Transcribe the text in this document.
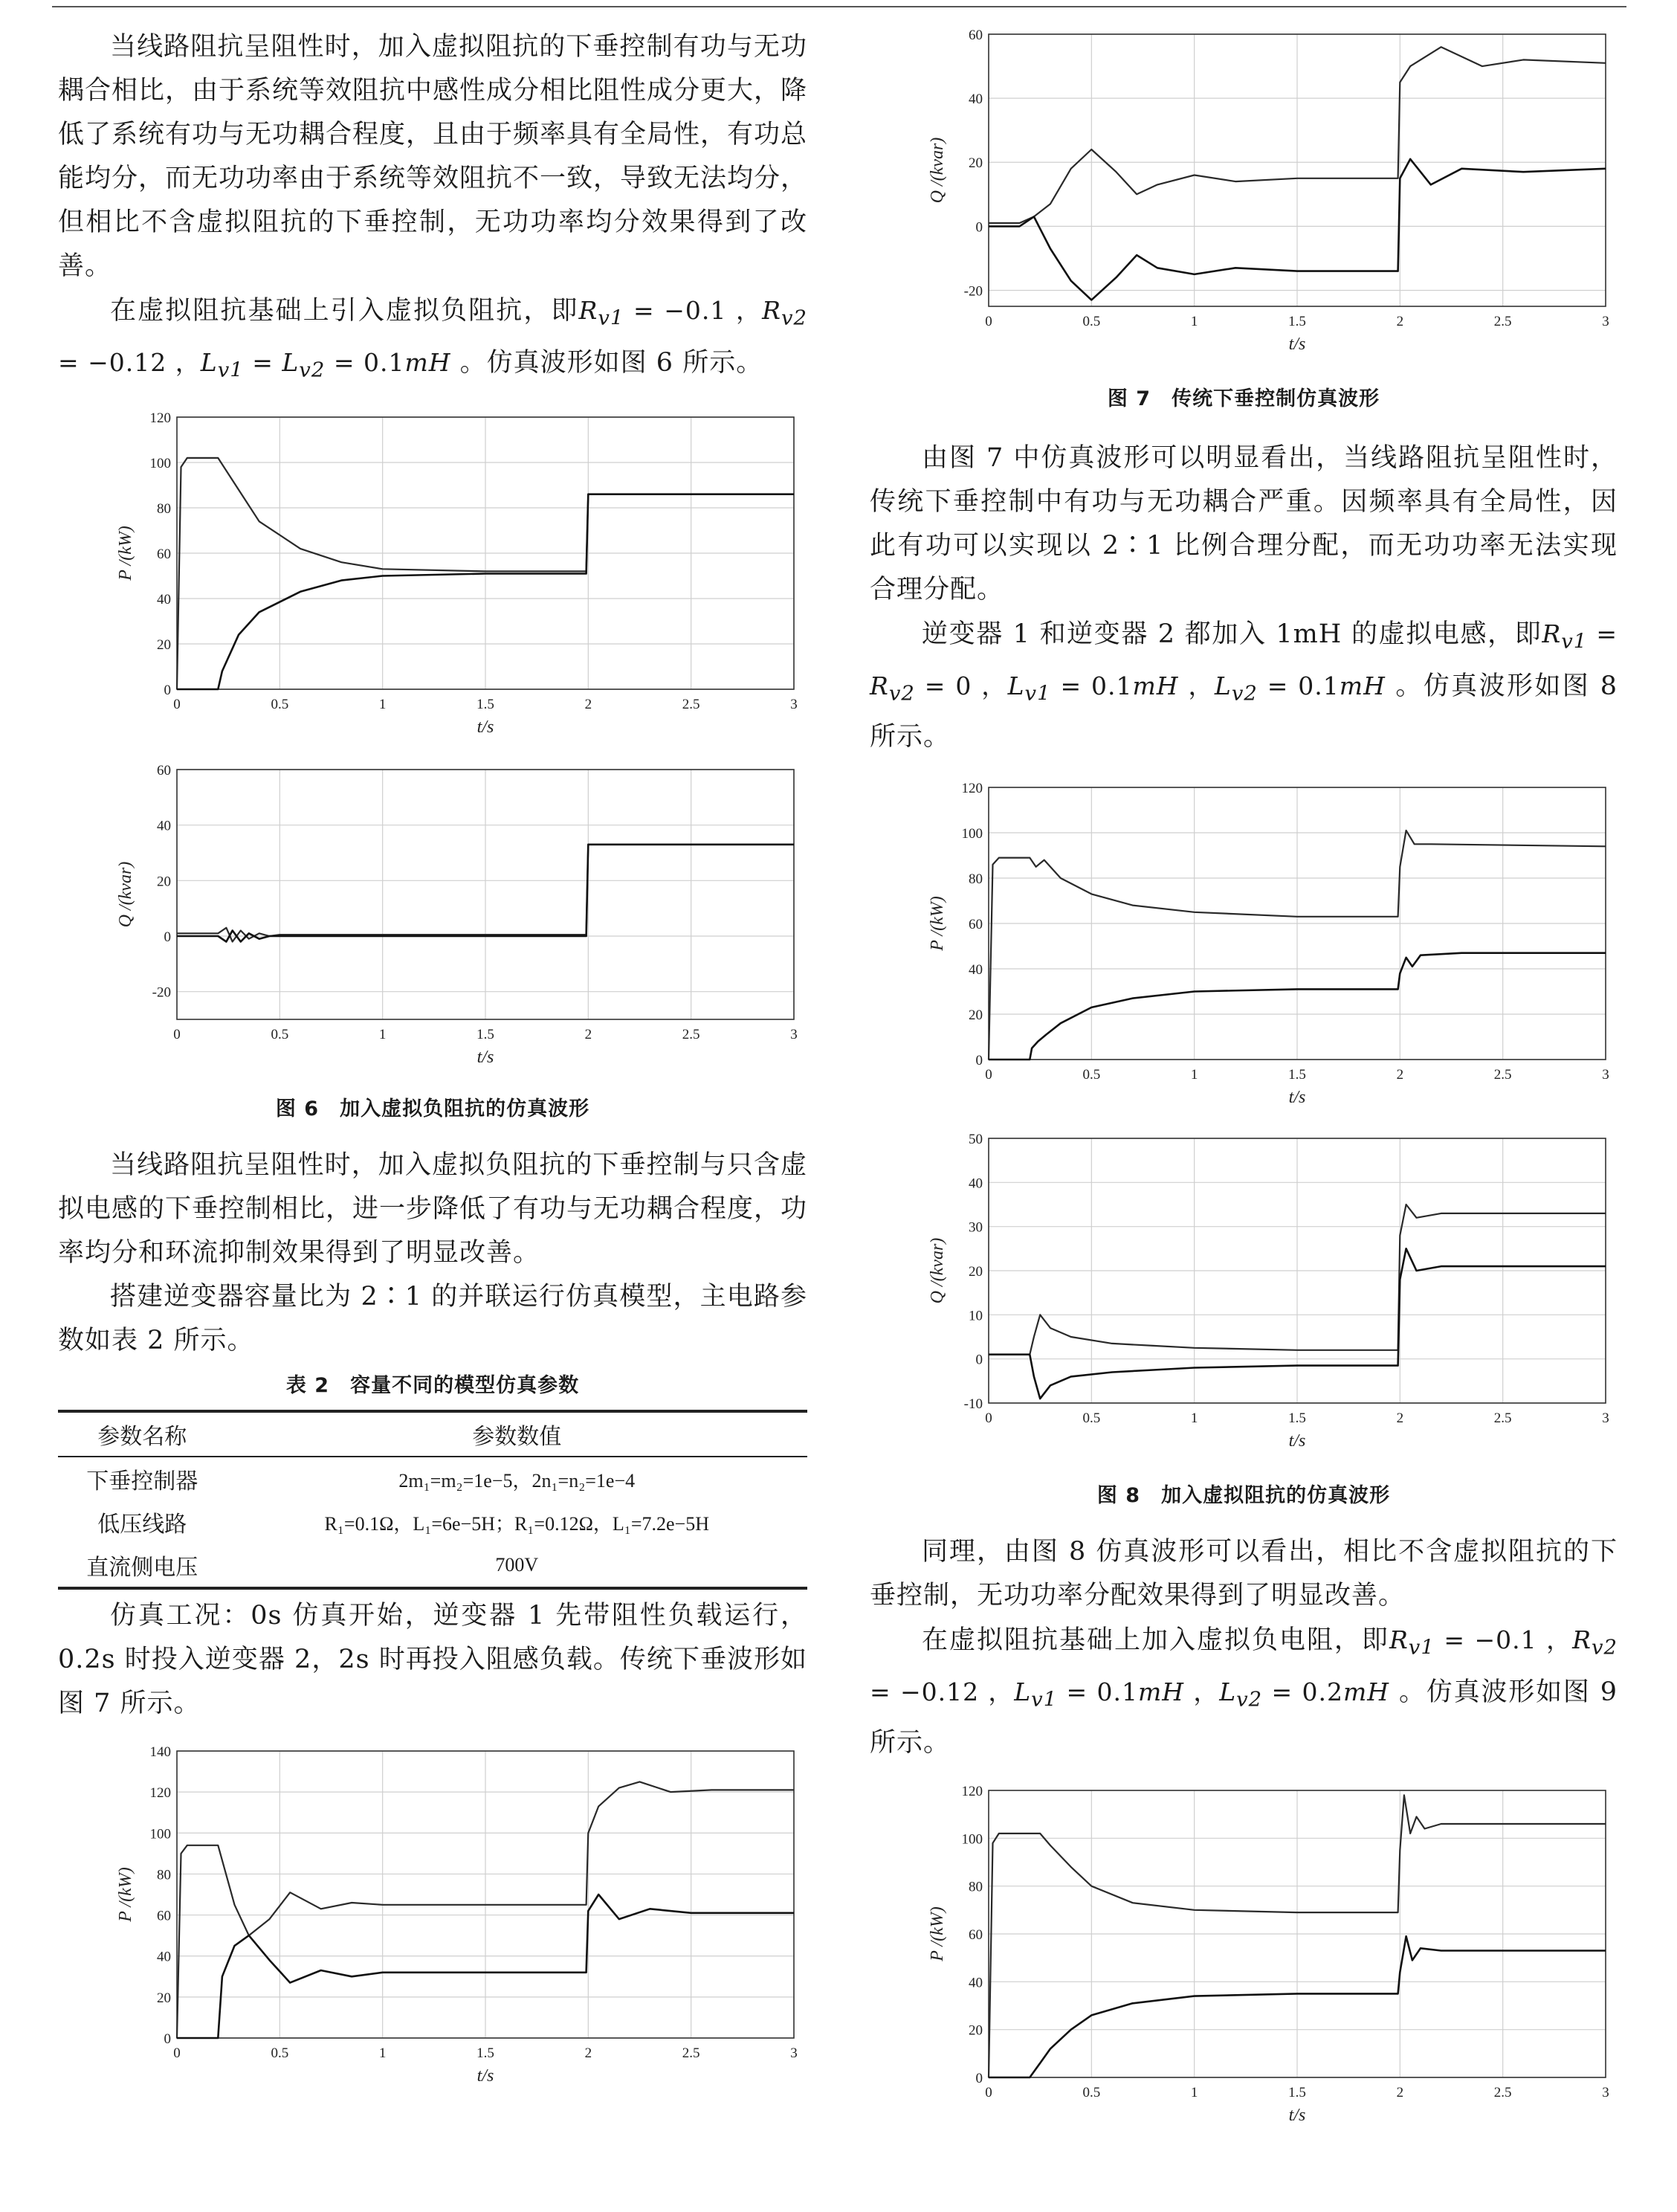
当线路阻抗呈阻性时，加入虚拟阻抗的下垂控制有功与无功耦合相比，由于系统等效阻抗中感性成分相比阻性成分更大，降低了系统有功与无功耦合程度，且由于频率具有全局性，有功总能均分，而无功功率由于系统等效阻抗不一致，导致无法均分，但相比不含虚拟阻抗的下垂控制，无功功率均分效果得到了改善。

在虚拟阻抗基础上引入虚拟负阻抗，即$R_{v1} = -0.1$ ，$R_{v2} = -0.12$ ，$L_{v1} = L_{v2} = 0.1mH$ 。仿真波形如图 6 所示。

0	0.5	1	1.5	2	2.5	3
0
20
40
60
80
100
120
t/s
P /(kW)
0	0.5	1	1.5	2	2.5	3
-20
0
20
40
60
t/s
Q /(kvar)

图 6　加入虚拟负阻抗的仿真波形

当线路阻抗呈阻性时，加入虚拟负阻抗的下垂控制与只含虚拟电感的下垂控制相比，进一步降低了有功与无功耦合程度，功率均分和环流抑制效果得到了明显改善。

搭建逆变器容量比为 2∶1 的并联运行仿真模型，主电路参数如表 2 所示。

表 2　容量不同的模型仿真参数

参数名称	参数数值
下垂控制器	2m₁=m₂=1e−5，2n₁=n₂=1e−4
低压线路	R₁=0.1Ω，L₁=6e−5H；R₁=0.12Ω，L₁=7.2e−5H
直流侧电压	700V

仿真工况：0s 仿真开始，逆变器 1 先带阻性负载运行，0.2s 时投入逆变器 2，2s 时再投入阻感负载。传统下垂波形如图 7 所示。

0	0.5	1	1.5	2	2.5	3
0
20
40
60
80
100
120
140
t/s
P /(kW)
0	0.5	1	1.5	2	2.5	3
-20
0
20
40
60
t/s
Q /(kvar)

图 7　传统下垂控制仿真波形

由图 7 中仿真波形可以明显看出，当线路阻抗呈阻性时，传统下垂控制中有功与无功耦合严重。因频率具有全局性，因此有功可以实现以 2∶1 比例合理分配，而无功功率无法实现合理分配。

逆变器 1 和逆变器 2 都加入 1mH 的虚拟电感，即$R_{v1} = R_{v2} = 0$ ，$L_{v1} = 0.1mH$ ，$L_{v2} = 0.1mH$ 。仿真波形如图 8 所示。

0	0.5	1	1.5	2	2.5	3
0
20
40
60
80
100
120
t/s
P /(kW)
0	0.5	1	1.5	2	2.5	3
-10
0
10
20
30
40
50
t/s
Q /(kvar)

图 8　加入虚拟阻抗的仿真波形

同理，由图 8 仿真波形可以看出，相比不含虚拟阻抗的下垂控制，无功功率分配效果得到了明显改善。

在虚拟阻抗基础上加入虚拟负电阻，即$R_{v1} = -0.1$ ，$R_{v2} = -0.12$ ，$L_{v1} = 0.1mH$ ，$L_{v2} = 0.2mH$ 。仿真波形如图 9 所示。

0	0.5	1	1.5	2	2.5	3
0
20
40
60
80
100
120
t/s
P /(kW)
